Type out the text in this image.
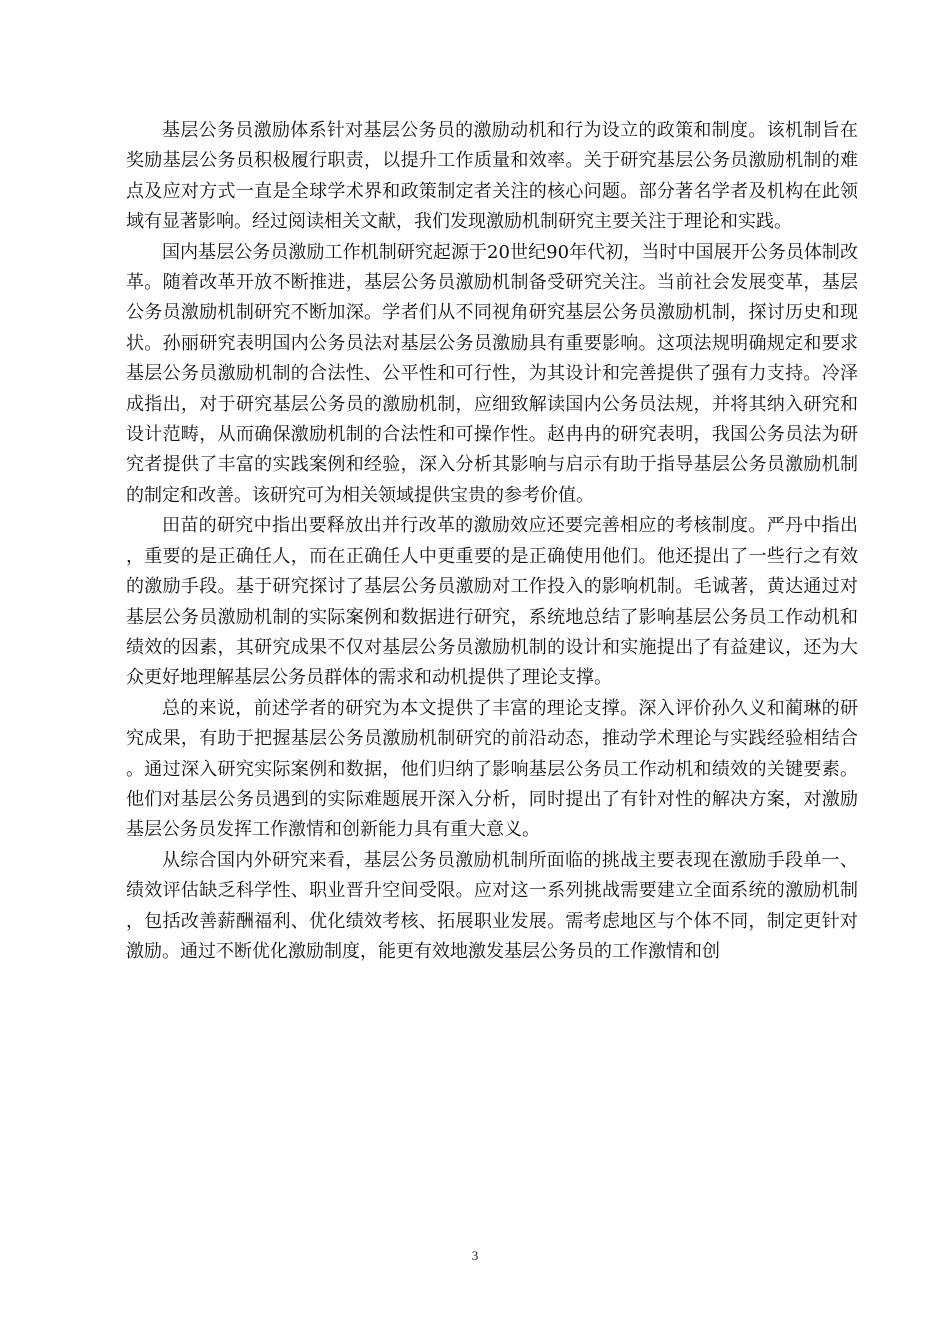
基层公务员激励体系针对基层公务员的激励动机和行为设立的政策和制度。该机制旨在奖励基层公务员积极履行职责，以提升工作质量和效率。关于研究基层公务员激励机制的难点及应对方式一直是全球学术界和政策制定者关注的核心问题。部分著名学者及机构在此领域有显著影响。经过阅读相关文献，我们发现激励机制研究主要关注于理论和实践。

国内基层公务员激励工作机制研究起源于20世纪90年代初，当时中国展开公务员体制改革。随着改革开放不断推进，基层公务员激励机制备受研究关注。当前社会发展变革，基层公务员激励机制研究不断加深。学者们从不同视角研究基层公务员激励机制，探讨历史和现状。孙丽研究表明国内公务员法对基层公务员激励具有重要影响。这项法规明确规定和要求基层公务员激励机制的合法性、公平性和可行性，为其设计和完善提供了强有力支持。冷泽成指出，对于研究基层公务员的激励机制，应细致解读国内公务员法规，并将其纳入研究和设计范畴，从而确保激励机制的合法性和可操作性。赵冉冉的研究表明，我国公务员法为研究者提供了丰富的实践案例和经验，深入分析其影响与启示有助于指导基层公务员激励机制的制定和改善。该研究可为相关领域提供宝贵的参考价值。

田苗的研究中指出要释放出并行改革的激励效应还要完善相应的考核制度。严丹中指出，重要的是正确任人，而在正确任人中更重要的是正确使用他们。他还提出了一些行之有效的激励手段。基于研究探讨了基层公务员激励对工作投入的影响机制。毛诚著，黄达通过对基层公务员激励机制的实际案例和数据进行研究，系统地总结了影响基层公务员工作动机和绩效的因素，其研究成果不仅对基层公务员激励机制的设计和实施提出了有益建议，还为大众更好地理解基层公务员群体的需求和动机提供了理论支撑。

总的来说，前述学者的研究为本文提供了丰富的理论支撑。深入评价孙久义和蔺琳的研究成果，有助于把握基层公务员激励机制研究的前沿动态，推动学术理论与实践经验相结合。通过深入研究实际案例和数据，他们归纳了影响基层公务员工作动机和绩效的关键要素。他们对基层公务员遇到的实际难题展开深入分析，同时提出了有针对性的解决方案，对激励基层公务员发挥工作激情和创新能力具有重大意义。

从综合国内外研究来看，基层公务员激励机制所面临的挑战主要表现在激励手段单一、绩效评估缺乏科学性、职业晋升空间受限。应对这一系列挑战需要建立全面系统的激励机制，包括改善薪酬福利、优化绩效考核、拓展职业发展。需考虑地区与个体不同，制定更针对激励。通过不断优化激励制度，能更有效地激发基层公务员的工作激情和创

3
